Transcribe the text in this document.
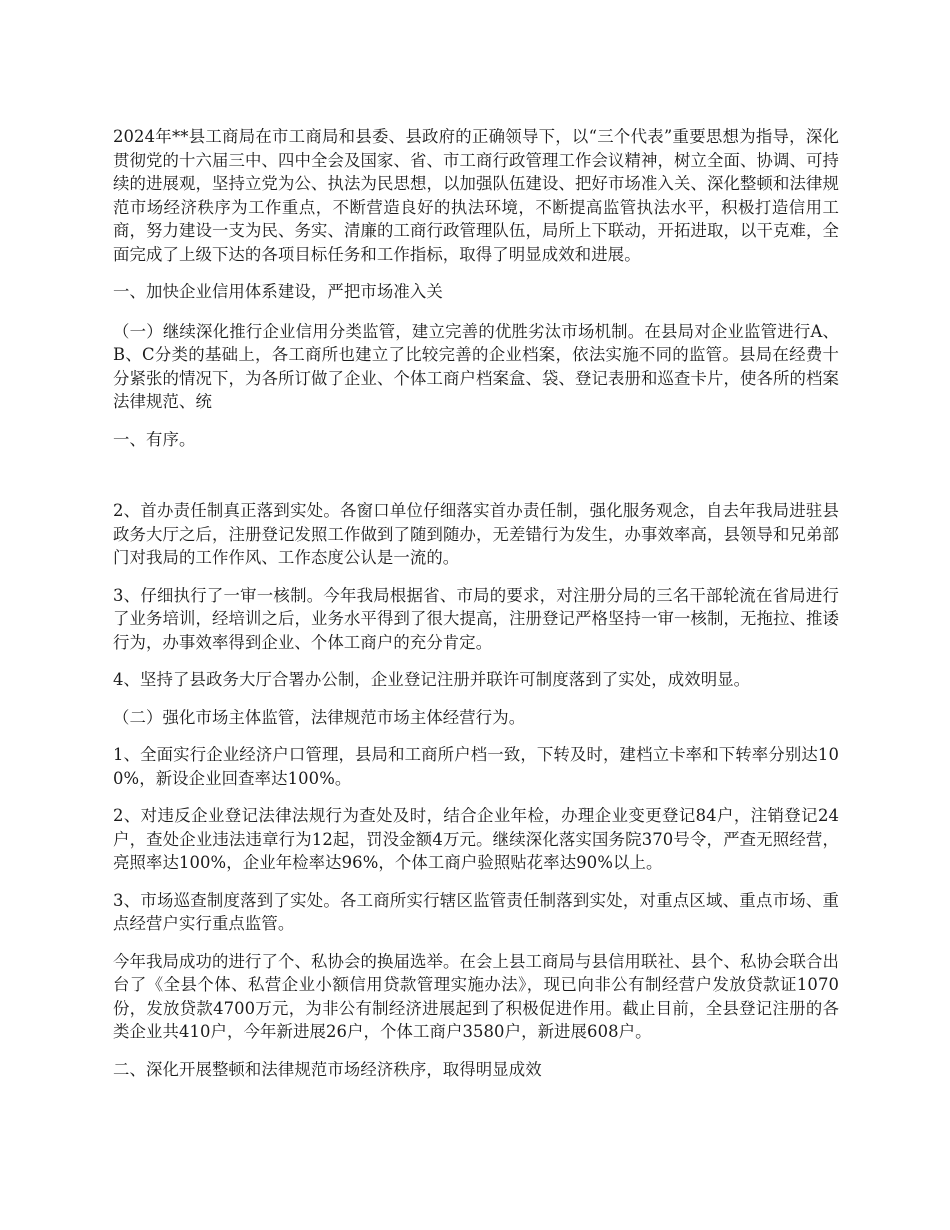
2024年**县工商局在市工商局和县委、县政府的正确领导下，以“三个代表”重要思想为指导，深化贯彻党的十六届三中、四中全会及国家、省、市工商行政管理工作会议精神，树立全面、协调、可持续的进展观，坚持立党为公、执法为民思想，以加强队伍建设、把好市场准入关、深化整顿和法律规范市场经济秩序为工作重点，不断营造良好的执法环境，不断提高监管执法水平，积极打造信用工商，努力建设一支为民、务实、清廉的工商行政管理队伍，局所上下联动，开拓进取，以干克难，全面完成了上级下达的各项目标任务和工作指标，取得了明显成效和进展。

一、加快企业信用体系建设，严把市场准入关

（一）继续深化推行企业信用分类监管，建立完善的优胜劣汰市场机制。在县局对企业监管进行A、B、C分类的基础上，各工商所也建立了比较完善的企业档案，依法实施不同的监管。县局在经费十分紧张的情况下，为各所订做了企业、个体工商户档案盒、袋、登记表册和巡查卡片，使各所的档案法律规范、统

一、有序。

2、首办责任制真正落到实处。各窗口单位仔细落实首办责任制，强化服务观念，自去年我局进驻县政务大厅之后，注册登记发照工作做到了随到随办，无差错行为发生，办事效率高，县领导和兄弟部门对我局的工作作风、工作态度公认是一流的。

3、仔细执行了一审一核制。今年我局根据省、市局的要求，对注册分局的三名干部轮流在省局进行了业务培训，经培训之后，业务水平得到了很大提高，注册登记严格坚持一审一核制，无拖拉、推诿行为，办事效率得到企业、个体工商户的充分肯定。

4、坚持了县政务大厅合署办公制，企业登记注册并联许可制度落到了实处，成效明显。

（二）强化市场主体监管，法律规范市场主体经营行为。

1、全面实行企业经济户口管理，县局和工商所户档一致，下转及时，建档立卡率和下转率分别达100%，新设企业回查率达100%。

2、对违反企业登记法律法规行为查处及时，结合企业年检，办理企业变更登记84户，注销登记24户，查处企业违法违章行为12起，罚没金额4万元。继续深化落实国务院370号令，严查无照经营，亮照率达100%，企业年检率达96%，个体工商户验照贴花率达90%以上。

3、市场巡查制度落到了实处。各工商所实行辖区监管责任制落到实处，对重点区域、重点市场、重点经营户实行重点监管。

今年我局成功的进行了个、私协会的换届选举。在会上县工商局与县信用联社、县个、私协会联合出台了《全县个体、私营企业小额信用贷款管理实施办法》，现已向非公有制经营户发放贷款证1070份，发放贷款4700万元，为非公有制经济进展起到了积极促进作用。截止目前，全县登记注册的各类企业共410户，今年新进展26户，个体工商户3580户，新进展608户。

二、深化开展整顿和法律规范市场经济秩序，取得明显成效
